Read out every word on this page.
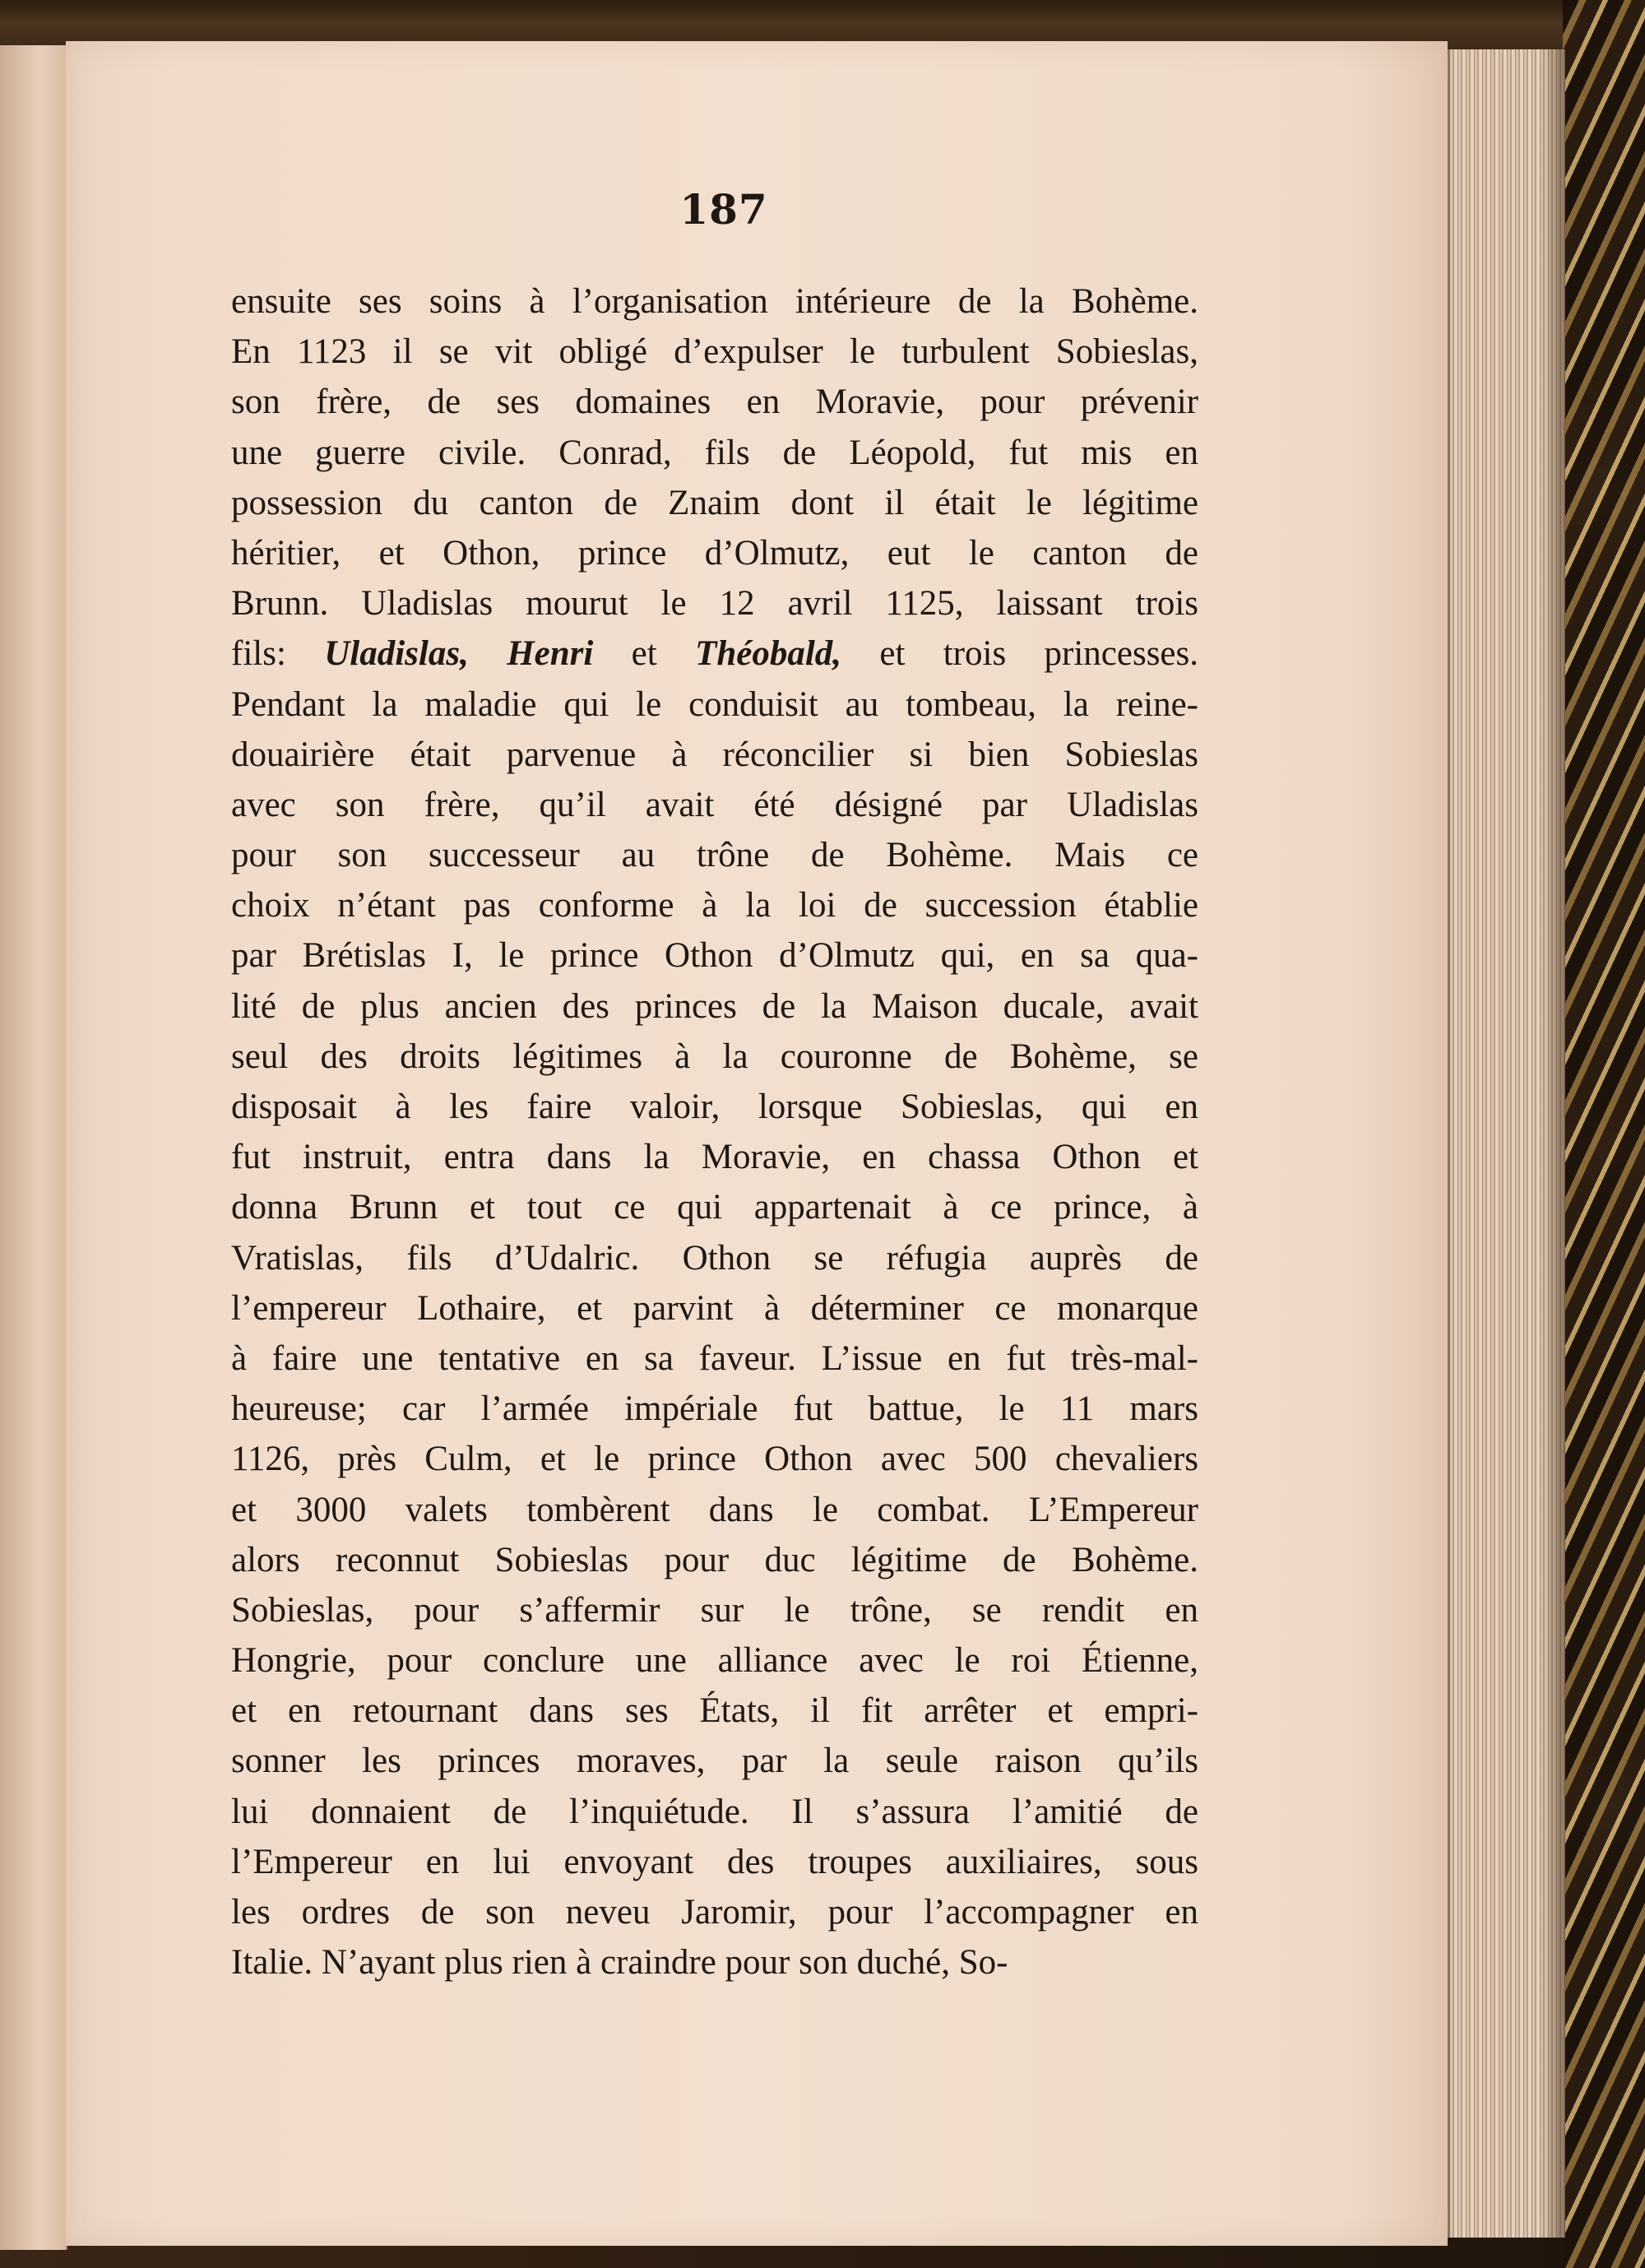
187
ensuite ses soins à l’organisation intérieure de la Bohème.
En 1123 il se vit obligé d’expulser le turbulent Sobieslas,
son frère, de ses domaines en Moravie, pour prévenir
une guerre civile. Conrad, fils de Léopold, fut mis en
possession du canton de Znaim dont il était le légitime
héritier, et Othon, prince d’Olmutz, eut le canton de
Brunn. Uladislas mourut le 12 avril 1125, laissant trois
fils: Uladislas, Henri et Théobald, et trois princesses.
Pendant la maladie qui le conduisit au tombeau, la reine-
douairière était parvenue à réconcilier si bien Sobieslas
avec son frère, qu’il avait été désigné par Uladislas
pour son successeur au trône de Bohème. Mais ce
choix n’étant pas conforme à la loi de succession établie
par Brétislas I, le prince Othon d’Olmutz qui, en sa qua-
lité de plus ancien des princes de la Maison ducale, avait
seul des droits légitimes à la couronne de Bohème, se
disposait à les faire valoir, lorsque Sobieslas, qui en
fut instruit, entra dans la Moravie, en chassa Othon et
donna Brunn et tout ce qui appartenait à ce prince, à
Vratislas, fils d’Udalric. Othon se réfugia auprès de
l’empereur Lothaire, et parvint à déterminer ce monarque
à faire une tentative en sa faveur. L’issue en fut très-mal-
heureuse; car l’armée impériale fut battue, le 11 mars
1126, près Culm, et le prince Othon avec 500 chevaliers
et 3000 valets tombèrent dans le combat. L’Empereur
alors reconnut Sobieslas pour duc légitime de Bohème.
Sobieslas, pour s’affermir sur le trône, se rendit en
Hongrie, pour conclure une alliance avec le roi Étienne,
et en retournant dans ses États, il fit arrêter et empri-
sonner les princes moraves, par la seule raison qu’ils
lui donnaient de l’inquiétude. Il s’assura l’amitié de
l’Empereur en lui envoyant des troupes auxiliaires, sous
les ordres de son neveu Jaromir, pour l’accompagner en
Italie. N’ayant plus rien à craindre pour son duché, So-
